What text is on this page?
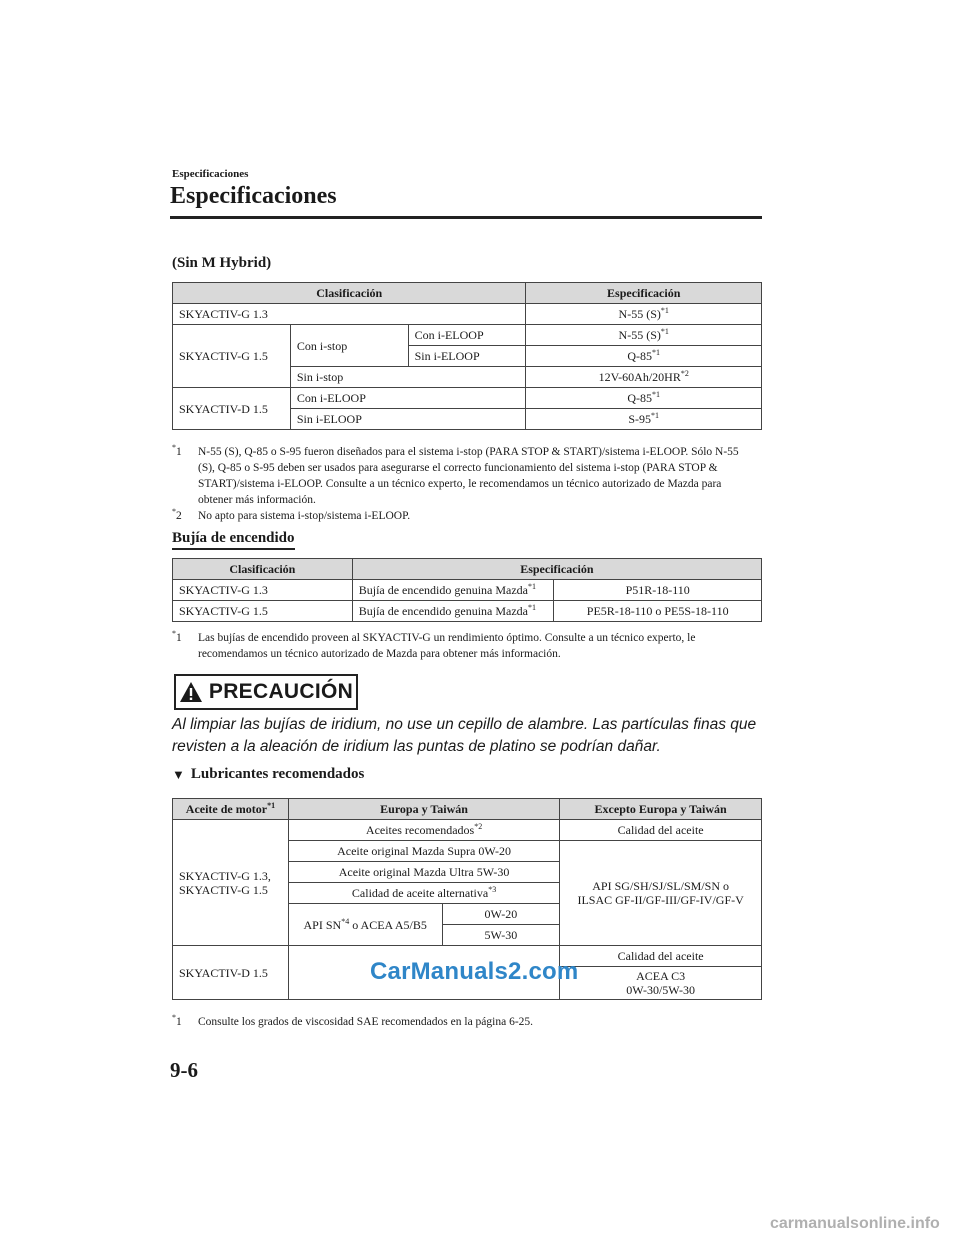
Especificaciones
Especificaciones
(Sin M Hybrid)
Clasificación			Especificación
SKYACTIV-G 1.3			N-55 $(S)^{*1}$
SKYACTIV-G 1.5	Con i-stop	Con i-ELOOP	N-55 $(S)^{*1}$
		Sin i-ELOOP	Q-85$^{*1}$
	Sin i-stop		12V-60Ah/20HR$^{*2}$
SKYACTIV-D 1.5	Con i-ELOOP		Q-85$^{*1}$
	Sin i-ELOOP		S-95$^{*1}$
*1	N-55 (S), Q-85 o S-95 fueron diseñados para el sistema i-stop (PARA STOP & START)/sistema i-ELOOP. Sólo N-55 (S), Q-85 o S-95 deben ser usados para asegurarse el correcto funcionamiento del sistema i-stop (PARA STOP & START)/sistema i-ELOOP. Consulte a un técnico experto, le recomendamos un técnico autorizado de Mazda para obtener más información.
*2	No apto para sistema i-stop/sistema i-ELOOP.
Bujía de encendido
Clasificación	Especificación	
SKYACTIV-G 1.3	Bujía de encendido genuina Mazda$^{*1}$	P51R-18-110
SKYACTIV-G 1.5	Bujía de encendido genuina Mazda$^{*1}$	PE5R-18-110 o PE5S-18-110
*1	Las bujías de encendido proveen al SKYACTIV-G un rendimiento óptimo. Consulte a un técnico experto, le recomendamos un técnico autorizado de Mazda para obtener más información.
PRECAUCIÓN
Al limpiar las bujías de iridium, no use un cepillo de alambre. Las partículas finas que revisten a la aleación de iridium las puntas de platino se podrían dañar.
▼ Lubricantes recomendados
Aceite de motor$^{*1}$	Europa y Taiwán		Excepto Europa y Taiwán
SKYACTIV-G 1.3,
SKYACTIV-G 1.5	Aceites recomendados$^{*2}$		Calidad del aceite
	Aceite original Mazda Supra 0W-20		API SG/SH/SJ/SL/SM/SN o
ILSAC GF-II/GF-III/GF-IV/GF-V
	Aceite original Mazda Ultra 5W-30		
	Calidad de aceite alternativa$^{*3}$
	API SN$^{*4}$ o ACEA A5/B5	0W-20	
		5W-30	
SKYACTIV-D 1.5			Calidad del aceite
			ACEA C3
0W-30/5W-30
CarManuals2.com
*1	Consulte los grados de viscosidad SAE recomendados en la página 6-25.
9-6
carmanualsonline.info
